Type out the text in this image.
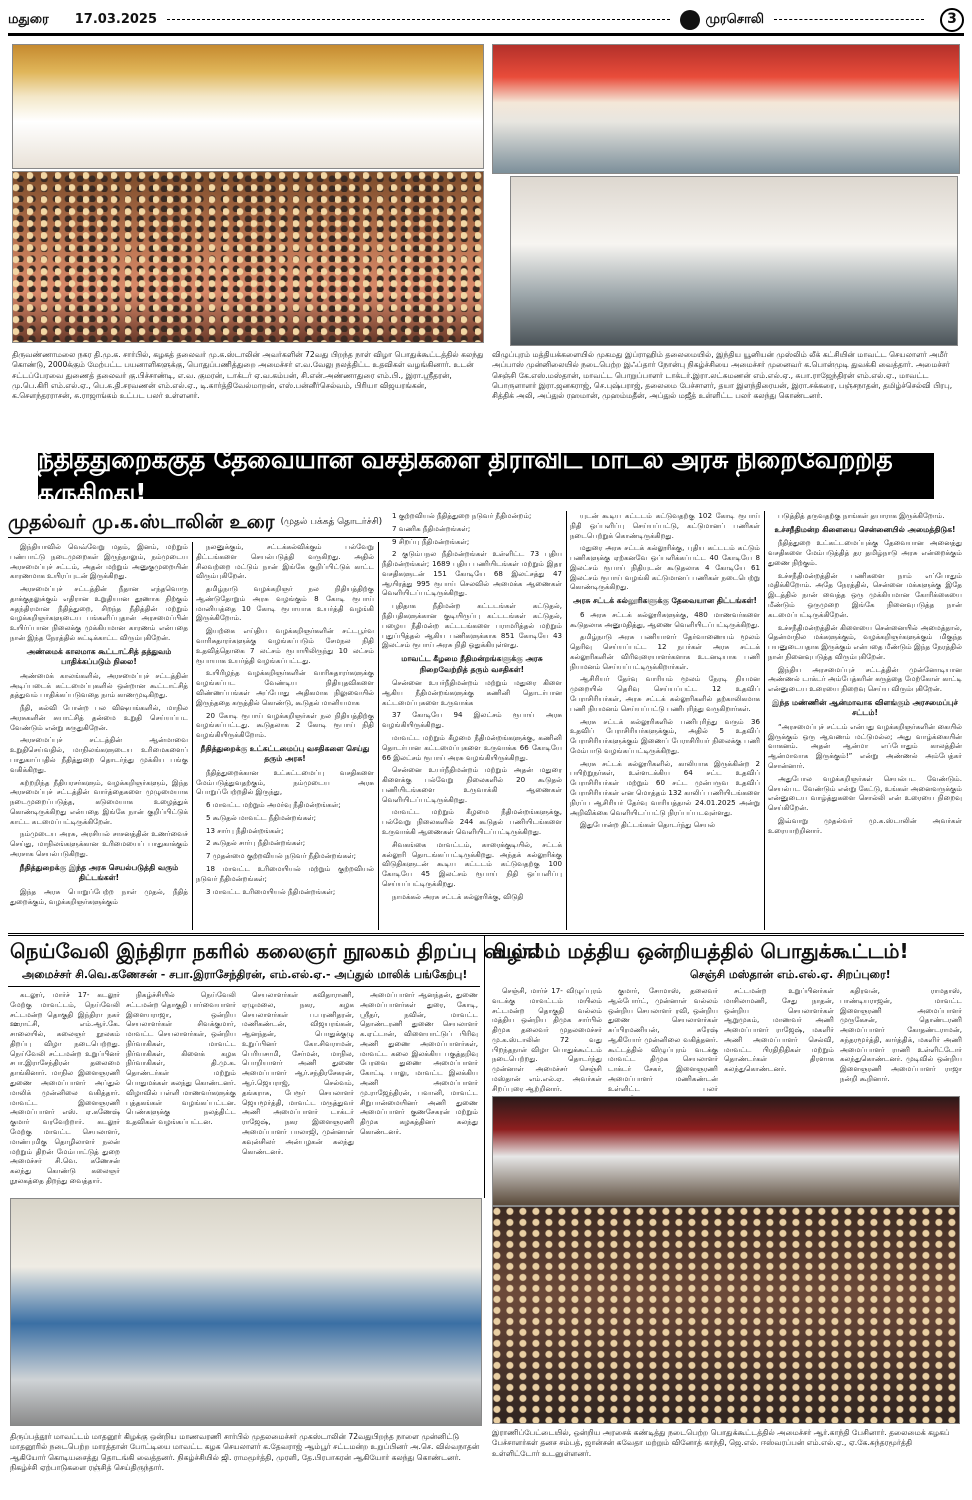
மதுரை 17.03.2025	முரசொலி	3
திருவண்ணாமலை நகர தி.மு.க. சார்பில், கழகத் தலைவர் மு.க.ஸ்டாலின் அவர்களின் 72வது பிறந்த நாள் விழா பொதுக்கூட்டத்தில் கலந்து கொண்டு, 2000க்கும் மேற்பட்ட பயனாளிகளுக்கு, பொதுப்பணித்துறை அமைச்சர் எ.வ.வேலு நலத்திட்ட உதவிகள் வழங்கினார். உடன் சட்டப்பேரவை துணைத் தலைவர் கு.பிச்சாண்டி, எ.வ. குமரன், டாக்டர் ஏ.வ.கம்பன், சி.என்.அண்ணாதுரை எம்.பி., இரா.ஸ்ரீதரன், மு.பெ.கிரி எம்.எல்.ஏ., பெ.சு.தி.சரவணன் எம்.எல்.ஏ., டி.கார்த்திவேல்மாறன், எஸ்.பன்னீர்செல்வம், பிரியா விஜயரங்கன், க.சௌந்தரராசன், சு.ராஜாங்கம் உட்பட பலர் உள்ளனர்.
விழுப்புரம் மத்தியக்களையில் முகமது இப்ராஹிம் தலைமையில், இந்திய யூனியன் முஸ்லிம் லீக் கட்சியின் மாவட்ட செயலாளர் அமீர் அப்பாஸ் முன்னிலையில் நடைபெற்ற இஃப்தார் நோன்பு நிகழ்ச்சியை அமைச்சர் முனைவர் க.பொன்முடி துவக்கி வைத்தார். அமைச்சர் செஞ்சி கே.எஸ்.மஸ்தான், மாவட்ட பொறுப்பாளர் டாக்டர்.இரா.லட்சுமணன் எம்.எல்.ஏ., சுபா.ராஜேந்திரன் எம்.எல்.ஏ., மாவட்ட பொருளாளர் இரா.ஜனகராஜ், செ.புஷ்பராஜ், தலைமை பேச்சாளர், தயா இளந்திரையன், இரா.சக்கரை, பஞ்சநாதன், தமிழ்ச்செல்வி பிரபு, சித்திக் அலி, அப்துல் ரஹமான், முஹம்மதீன், அப்துல் மஜீத் உள்ளிட்ட பலர் கலந்து கொண்டனர்.
நீதித்துறைக்குத் தேவையான வசதிகளை திராவிட மாடல் அரசு நிறைவேற்றித் தருகிறது!
முதல்வர் மு.க.ஸ்டாலின் உரை (முதல் பக்கத் தொடர்ச்சி)

இந்தியாவில் வெவ்வேறு மதம், இனம், மற்றும் பண்பாட்டு நடைமுறைகள் இருந்தாலும், நம்முடைய அரசமைப்புச் சட்டம், அதன் மற்றும் அனுகுமுறையின் காரணமாக உயிரப்புடன் இருக்கிறது.

அரசமைப்புச் சட்டத்தின் நீதான எந்தவொரு தாக்குதலுக்கும் எதிரான உறுதியான தூணாக நிற்கும் சுதந்திரமான நீதித்துறை, சிறந்த நீதித்தின் மற்றும் வழக்கறிஞர்களுடைய பங்களிப்புதான் அரசமைப்பின் உயிர்ப்பான நிலைக்கு முக்கியமான காரணம் என்பதை நான் இந்த நேரத்தில் சுட்டிக்காட்ட விரும்புகிறேன்.

அண்மைக் காலமாக கூட்டாட்சித் தத்துவம் பாதிக்கப்படும் நிலை!

அண்மைக் காலங்களில், அரசமைப்புச் சட்டத்தின் அடிப்படைக் கட்டமைப்புகளில் ஒன்றான கூட்டாட்சித் தத்துவம் பாதிக்கப்படுவதை நாம் காணமுடிகிறது.

நீதி, கல்வி போன்ற பல விஷயங்களில், மாநில அரசுகளின் சுயாட்சித் தன்மை உறுதி செய்யப்பட வேண்டும் என்று கருதுகிறேன்.

அரசமைப்புச் சட்டத்தின் ஆன்மாவை உறுதிசெய்வதில், மாநிலங்களுடைய உரிமைகளைப் பாதுகாப்பதில் நீதித்துறை தொடர்ந்து முக்கிய பங்கு வகிக்கிறது.

கற்றறிந்த நீதியரசர்களும், வழக்கறிஞர்களும், இந்த அரசமைப்புச் சட்டத்தின் வார்த்தைகளை முழுமையாக நடைமுறைப்படுத்த, கடுமையாக உழைத்துக் கொண்டிருக்கிறது என்பதை இங்கே நான் குறிப்பிட்டுக் காட்ட கடமைப்பட்டிருக்கிறேன்.

நம்முடைய அரசு, அரசியல் சாசனத்தின் உணர்வைச் செய்து, மாநிலங்களுக்கான உரிமையைப் பாதுகாக்கும் அரசாக செயல்படுகிறது.

நீதித்துறைக்கு இந்த அரசு செயல்படுத்தி வரும் திட்டங்கள்!

இந்த அரசு பொறுப்பேற்ற நாள் முதல், நீதித் துறைக்கும், வழக்கறிஞர்களுக்கும்

நலனுக்கும், சட்டக்கல்விக்கும் பல்வேறு திட்டங்களை செயல்படுத்தி வருகிறது. அதில் சிலவற்றை மட்டும் நான் இங்கே குறிப்பிட்டுக் காட்ட விரும்புகிறேன்.

தமிழ்நாடு வழக்கறிஞர் நல நிதியத்திற்கு ஆண்டுதோறும் அரசு வழங்கும் 8 கோடி ரூபாய் மானியத்தை 10 கோடி ரூபாயாக உயர்த்தி வழங்கி இருக்கிறோம்.

இயற்கை எய்திய வழக்கறிஞர்களின் சட்டபூர்வ வாரிசுதாரர்களுக்கு வழங்கப்படும் சேமநல நிதி உதவித்தொகை 7 லட்சம் ரூபாயிலிருந்து 10 லட்சம் ரூபாயாக உயர்த்தி வழங்கப்பட்டது.

உயிரிழந்த வழக்கறிஞர்களின் வாரிசுதாரர்களுக்கு வழங்கப்பட வேண்டிய நிதியுதவிகளை விண்ணப்பங்கள் அப்போது அதிகமாக நிலுவையில் இருந்ததை கருத்தில் கொண்டு, கூடுதல் மானியமாக

20 கோடி ரூபாய் வழக்கறிஞர்கள் நல நிதியத்திற்கு வழங்கப்பட்டது. கூடுதலாக 2 கோடி ரூபாய் நிதி வழங்கியிருக்கிறோம்.

நீதித்துறைக்கு உட்கட்டமைப்பு வசதிகளை செய்து தரும் அரசு!

நீதித்துறைக்கான உட்கட்டமைப்பு வசதிகளை மேம்படுத்துவதற்கும், நம்முடைய அரசு பொறுப்பேற்றதில் இருந்து,

6 மாவட்ட மற்றும் அமர்வு நீதிமன்றங்கள்;

5 கூடுதல் மாவட்ட நீதிமன்றங்கள்;

13 சார்பு நீதிமன்றங்கள்;

2 கூடுதல் சார்பு நீதிமன்றங்கள்;

7 முதன்மை குற்றவியல் நடுவர் நீதிமன்றங்கள்;

18 மாவட்ட உரிமையியல் மற்றும் குற்றவியல் நடுவர் நீதிமன்றங்கள்;

3 மாவட்ட உரிமையியல் நீதிமன்றங்கள்;

1 குற்றவியல் நீதித்துறை நடுவர் நீதிமன்றம்;

7 வணிக நீதிமன்றங்கள்;

9 சிறப்பு நீதிமன்றங்கள்;

2 குடும்பநல நீதிமன்றங்கள் உள்ளிட்ட 73 புதிய நீதிமன்றங்கள்; 1689 புதிய பணியிடங்கள் மற்றும் இதர வசதிகளுடன் 151 கோடியே 68 இலட்சத்து 47 ஆயிரத்து 995 ரூபாய் செலவில் அமைக்க ஆணைகள் வெளியிடப்பட்டிருக்கிறது.

புதிதாக நீதிமன்ற கட்டடங்கள் கட்டுதல், நீதிபதிகளுக்கான குடியிருப்பு கட்டடங்கள் கட்டுதல், பழைய நீதிமன்ற கட்டடங்களை பராமரித்தல் மற்றும் புதுப்பித்தல் ஆகிய பணிகளுக்காக 851 கோடியே 43 இலட்சம் ரூபாய் அரசு நிதி ஒதுக்கியுள்ளது.

மாவட்ட கீழமை நீதிமன்றங்களுக்கு அரசு நிறைவேற்றித் தரும் வசதிகள்!

சென்னை உயர்நீதிமன்றம் மற்றும் மதுரை கிளை ஆகிய நீதிமன்றங்களுக்கு கணினி தொடர்பான கட்டமைப்புகளை உருவாக்க

37 கோடியே 94 இலட்சம் ரூபாய் அரசு வழங்கியிருக்கிறது.

மாவட்ட மற்றும் கீழமை நீதிமன்றங்களுக்கு, கணினி தொடர்பான கட்டமைப்புகளை உருவாக்க 66 கோடியே 66 இலட்சம் ரூபாய் அரசு வழங்கியிருக்கிறது.

சென்னை உயர்நீதிமன்றம் மற்றும் அதன் மதுரை கிளைக்கு பல்வேறு நிலைகளில் 20 கூடுதல் பணியிடங்களை உருவாக்கி ஆணைகள் வெளியிடப்பட்டிருக்கிறது.

மாவட்ட மற்றும் கீழமை நீதிமன்றங்களுக்கு, பல்வேறு நிலைகளில் 244 கூடுதல் பணியிடங்களை உருவாக்கி ஆணைகள் வெளியிடப்பட்டிருக்கிறது.

சிவகங்கை மாவட்டம், காரைக்குடியில், சட்டக் கல்லூரி தொடங்கப்பட்டிருக்கிறது. அந்தக் கல்லூரிக்கு விடுதிகளுடன் கூடிய கட்டடம் கட்டுவதற்கு 100 கோடியே 45 இலட்சம் ரூபாய் நிதி ஒப்பளிப்பு செய்யப்பட்டிருக்கிறது.

நாமக்கல் அரசு சட்டக் கல்லூரிக்கு, விடுதி

யுடன் கூடிய கட்டடம் கட்டுவதற்கு 102 கோடி ரூபாய் நிதி ஒப்பளிப்பு செய்யப்பட்டு, கட்டுமானப் பணிகள் நடைபெற்றுக் கொண்டிருக்கிறது.

மதுரை அரசு சட்டக் கல்லூரிக்கு, புதிய கட்டடம் கட்டும் பணிகளுக்கு ஏற்கனவே ஒப்பளிக்கப்பட்ட 40 கோடியே 8 இலட்சம் ரூபாய் நிதியுடன் கூடுதலாக 4 கோடியே 61 இலட்சம் ரூபாய் வழங்கி கட்டுமானப் பணிகள் நடைபெற்று கொண்டிருக்கிறது.

அரசு சட்டக் கல்லூரிகளுக்கு தேவையான திட்டங்கள்!

6 அரசு சட்டக் கல்லூரிகளுக்கு, 480 மாணவர்களை கூடுதலாக அனுமதித்து, ஆணை வெளியிடப்பட்டிருக்கிறது.

தமிழ்நாடு அரசு பணியாளர் தேர்வாணையம் மூலம் தெரிவு செய்யப்பட்ட 12 நபர்கள் அரசு சட்டக் கல்லூரிகளின் விரிவுரையாளர்களாக உடனடியாக பணி நியமனம் செய்யப்பட்டிருக்கிறார்கள்.

ஆசிரியர் தேர்வு வாரியம் மூலம் நேரடி நியமன முறையில் தெரிவு செய்யப்பட்ட 12 உதவிப் பேராசிரியர்கள், அரசு சட்டக் கல்லூரிகளில் தற்காலிகமாக பணி நியமனம் செய்யப்பட்டு பணிபுரிந்து வருகிறார்கள்.

அரசு சட்டக் கல்லூரிகளில் பணிபுரிந்து வரும் 36 உதவிப் பேராசிரியர்களுக்கும், அதில் 5 உதவிப் பேராசிரியர்களுக்கும் இணைப் பேராசிரியர் நிலைக்கு பணி மேம்பாடு வழங்கப்பட்டிருக்கிறது.

அரசு சட்டக் கல்லூரிகளில், காலியாக இருக்கின்ற 2 பயிற்றுநர்கள், உள்ளடக்கிய 64 சட்ட உதவிப் பேராசிரியர்கள் மற்றும் 60 சட்ட முன்பருவ உதவிப் பேராசிரியர்கள் என மொத்தம் 132 காலிப் பணியிடங்களை நிரப்ப ஆசிரியர் தேர்வு வாரியத்தால் 24.01.2025 அன்று அறிவிக்கை வெளியிடப்பட்டு நிரப்பப்படவுள்ளது.

இதுபோன்ற திட்டங்கள் தொடர்ந்து செயல்

படுத்தித் தருவதற்கு நாங்கள் தயாராக இருக்கிறோம்.

உச்சநீதிமன்ற கிளையை சென்னையில் அமைத்திடுக!

நீதித்துறை உட்கட்டமைப்புக்கு தேவையான அனைத்து வசதிகளை மேம்படுத்தித் தர தமிழ்நாடு அரசு என்றைக்கும் துணை நிற்கும்.

உச்சநீதிமன்றத்தின் பணிகளை நாம் எப்போதும் மதிக்கிறோம். அதே நேரத்தில், சென்னை மக்களுக்கு இதே இடத்தில் நான் வைத்த ஒரு முக்கியமான கோரிக்கையை மீண்டும் ஒருமுறை இங்கே நினைவுபடுத்த நான் கடமைப்பட்டிருக்கிறேன்.

உச்சநீதிமன்றத்தின் கிளையை சென்னையில் அமைத்தால், தென்மாநில மக்களுக்கும், வழக்கறிஞர்களுக்கும் மிகுந்த பயனுடையதாக இருக்கும் என்பதை மீண்டும் இந்த நேரத்தில் நான் நினைவுபடுத்த விரும்புகிறேன்.

இந்திய அரசமைப்புச் சட்டத்தின் முன்னோடியான அண்ணல் டாக்டர் அம்பேத்கரின் கருத்தை மேற்கோள் காட்டி என்னுடைய உரையை நிறைவு செய்ய விரும்புகிறேன்.

இந்த மண்ணின் ஆன்மாவாக விளங்கும் அரசமைப்புச் சட்டம்!

“அரசமைப்புச் சட்டம் என்பது வழக்கறிஞர்களின் கையில் இருக்கும் ஒரு ஆவணம் மட்டுமல்ல; அது வாழ்க்கையின் வாகனம். அதன் ஆன்மா எப்போதும் காலத்தின் ஆன்மாவாக இருக்கும்!” என்று அண்ணல் அம்பேத்கர் சொன்னார்.

அதுபோல வழக்கறிஞர்கள் செயல்பட வேண்டும். செயல்பட வேண்டும் என்று கேட்டு, உங்கள் அனைவருக்கும் என்னுடைய வாழ்த்துகளை சொல்லி என் உரையை நிறைவு செய்கிறேன்.

இவ்வாறு முதல்வர் மு.க.ஸ்டாலின் அவர்கள் உரையாற்றினார்.

நெய்வேலி இந்திரா நகரில் கலைஞர் நூலகம் திறப்பு விழா!
அமைச்சர் சி.வெ.கணேசன் - சபா.இராசேந்திரன், எம்.எல்.ஏ.- அப்துல் மாலிக் பங்கேற்பு!

கடலூர், மார்ச் 17- கடலூர் மேற்கு மாவட்டம், நெய்வேலி சட்டமன்ற தொகுதி இந்திரா நகர் ஊராட்சி, எம்.ஆர்.கே. சாலையில், கலைஞர் நூலகம் திறப்பு விழா நடைபெற்றது. நெய்வேலி சட்டமன்ற உறுப்பினர் சபா.இராசேந்திரன் தலைமை தாங்கினார். மாநில இளைஞரணி துணை அமைப்பாளர் அப்துல் மாலிக் முன்னிலை வகித்தார். மாவட்ட இளைஞரணி அமைப்பாளர் எஸ். ஏ.கணேஷ் குமார் வரவேற்றார். கடலூர் மேற்கு மாவட்ட செயலாளர், மாண்புமிகு தொழிலாளர் நலன் மற்றும் திறன் மேம்பாட்டுத் துறை அமைச்சர் சி.வெ. கணேசன் கலந்து கொண்டு கலைஞர் நூலகத்தை திறந்து வைத்தார்.

நிகழ்ச்சியில் நெய்வேலி சட்டமன்ற தொகுதி பார்வையாளர் இளையராஜா, ஒன்றிய செயலாளர்கள் சிவக்குமார், மாவட்ட செயலாளர்கள், ஒன்றிய நிர்வாகிகள், மாவட்ட நிர்வாகிகள், கிளைக் கழக நிர்வாகிகள், தி.மு.க. தொண்டர்கள் மற்றும் பொதுமக்கள் கலந்து கொண்டனர். விழாவில் பள்ளி மாணவர்களுக்கு புத்தகங்கள் வழங்கப்பட்டன. பெண்களுக்கு நலத்திட்ட உதவிகள் வழங்கப்பட்டன.

செயலாளர்கள் கவிதாராணி, ஏழுமலை, நகர, கழக செயலாளர்கள் ப.பரணிதரன், மணிகண்டன், விஜயரங்கன், ஆனந்தன், பொதுக்குழு உறுப்பினர் கோ.சிவராமன், பெரியசாமி, சேர்மன், மாநில, பொறியாளர் அணி துணை அமைப்பாளர் ஆர்.சந்திரசேகரன், ஆர்.ஜெயராஜ், செல்வம், தங்கராசு, பேரூர் செயலாளர் ஜெயமூர்த்தி, மாவட்ட மருத்துவர் அணி அமைப்பாளர் டாக்டர் ராஜேஷ், நகர இளைஞரணி அமைப்பாளர் பாலாஜி, முன்னாள் கவுன்சிலர் அன்பழகன் கலந்து கொண்டனர்.

அமைப்பாளர் ஆனந்தன், துணை அமைப்பாளர்கள் துரை, கோடி, ஸ்ரீதர், நவின், மாவட்ட தொண்டரணி துணை செயலாளர் க.ஏட்டான், விளையாட்டுப் பிரிவு அணி துணை அமைப்பாளர்கள், மாவட்ட கலை இலக்கிய பகுத்தறிவு பேரவை துணை அமைப்பாளர் கோட்டி பாலு, மாவட்ட இலக்கிய அணி அமைப்பாளர் மு.ராஜேந்திரன், பவானி, மாவட்ட சிறுபான்மையினர் அணி துணை அமைப்பாளர் குணசேகரன் மற்றும் திமுக கழகத்தினர் கலந்து கொண்டனர்.

வல்லம் மத்திய ஒன்றியத்தில் பொதுக்கூட்டம்!
செஞ்சி மஸ்தான் எம்.எல்.ஏ. சிறப்புரை!

செஞ்சி, மார்ச் 17- விழுப்புரம் வடக்கு மாவட்டம் மயிலம் சட்டமன்ற தொகுதி வல்லம் மத்திய ஒன்றிய திமுக சார்பில் திமுக தலைவர் முதலமைச்சர் மு.க.ஸ்டாலின் 72 வது பிறந்தநாள் விழா பொதுக்கூட்டம் நடைபெற்றது. தொடர்ந்து முன்னாள் அமைச்சர் செஞ்சி மஸ்தான் எம்.எல்.ஏ. அவர்கள் சிறப்புரை ஆற்றினார்.

குமார், சோமாஸ், தலைவர் ஆல்போர்ட், முன்னாள் வல்லம் ஒன்றிய செயலாளர் ரவி, ஒன்றிய துணை செயலாளர்கள் சுப்பிரமணியன், சுரேஷ் ஆகியோர் முன்னிலை வகித்தனர். கூட்டத்தில் விழுப்புரம் வடக்கு மாவட்ட திமுக செயலாளர் டாக்டர் சேகர், இளைஞரணி அமைப்பாளர் மணிகண்டன் உள்ளிட்ட பலர்

சட்டமன்ற உறுப்பினர்கள் மாசிலாமணி, சேது நாதன், ஒன்றிய செயலாளர்கள் ஆறுமுகம், மாணவர் அணி அமைப்பாளர் ராஜேஷ், மகளிர் அணி அமைப்பாளர் செல்வி, மாவட்ட பிரதிநிதிகள் மற்றும் தொண்டர்கள் திரளாக கலந்துகொண்டனர்.

கதிரவன், ராமதாஸ், பாண்டியராஜன், மாவட்ட இளைஞரணி அமைப்பாளர் முருகேசன், தொண்டரணி அமைப்பாளர் கோதண்டராமன், சுந்தரமூர்த்தி, கார்த்திக், மகளிர் அணி அமைப்பாளர் ராணி உள்ளிட்டோர் கலந்துகொண்டனர். முடிவில் ஒன்றிய இளைஞரணி அமைப்பாளர் ராஜா நன்றி கூறினார்.

இராணிப்பேட்டையில், ஒன்றிய அரசைக் கண்டித்து நடைபெற்ற பொதுக்கூட்டத்தில் அமைச்சர் ஆர்.காந்தி பேசினார். தலைமைக் கழகப் பேச்சாளர்கள் தனச சம்பத், ஜான்சன் கவேதா மற்றும் வினோத் காந்தி, ஜெ.எல். ஈஸ்வரப்பன் எம்.எல்.ஏ., ஏ.கே.சுந்தரமூர்த்தி உள்ளிட்டோர் உடனுள்ளனர்.
திருப்பத்தூர் மாவட்டம் மாதனூர் கிழக்கு ஒன்றிய மாணவரணி சார்பில் முதலமைச்சர் முகஸ்டாலின் 72வதுபிறந்த நாளை முன்னிட்டு மாதனூரில் நடைபெற்ற மாரத்தான் போட்டியை மாவட்ட கழக செயலாளர் க.தேவராஜ் ஆம்பூர் சட்டமன்ற உறுப்பினர் அ.செ. வில்வநாதன் ஆகியோர் கொடியசைத்து தொடங்கி வைத்தனர். நிகழ்ச்சியில் ஜி. ராமமூர்த்தி, முரளி, தே.பிரபாகரன் ஆகியோர் கலந்து கொண்டனர். நிகழ்ச்சி ஏற்பாடுகளை ரஞ்சித் செய்திருந்தார்.
